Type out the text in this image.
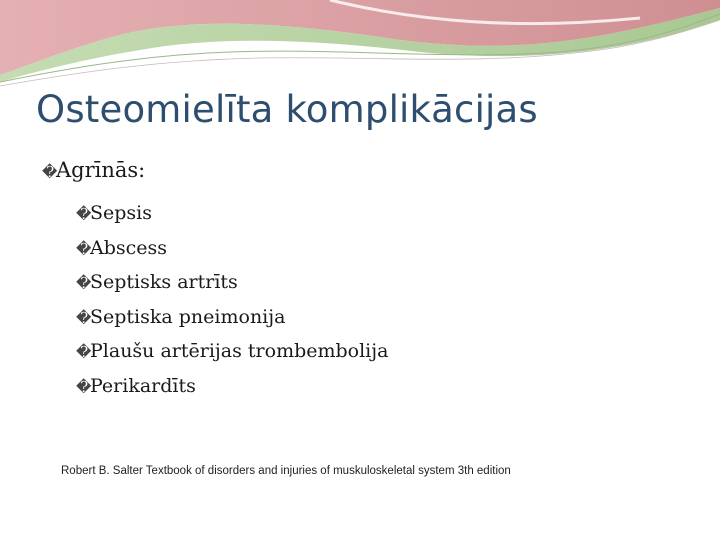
Osteomielīta komplikācijas
�Agrīnās:
�Sepsis
�Abscess
�Septisks artrīts
�Septiska pneimonija
�Plaušu artērijas trombembolija
�Perikardīts
Robert B. Salter Textbook of disorders and injuries of muskuloskeletal system 3th edition
